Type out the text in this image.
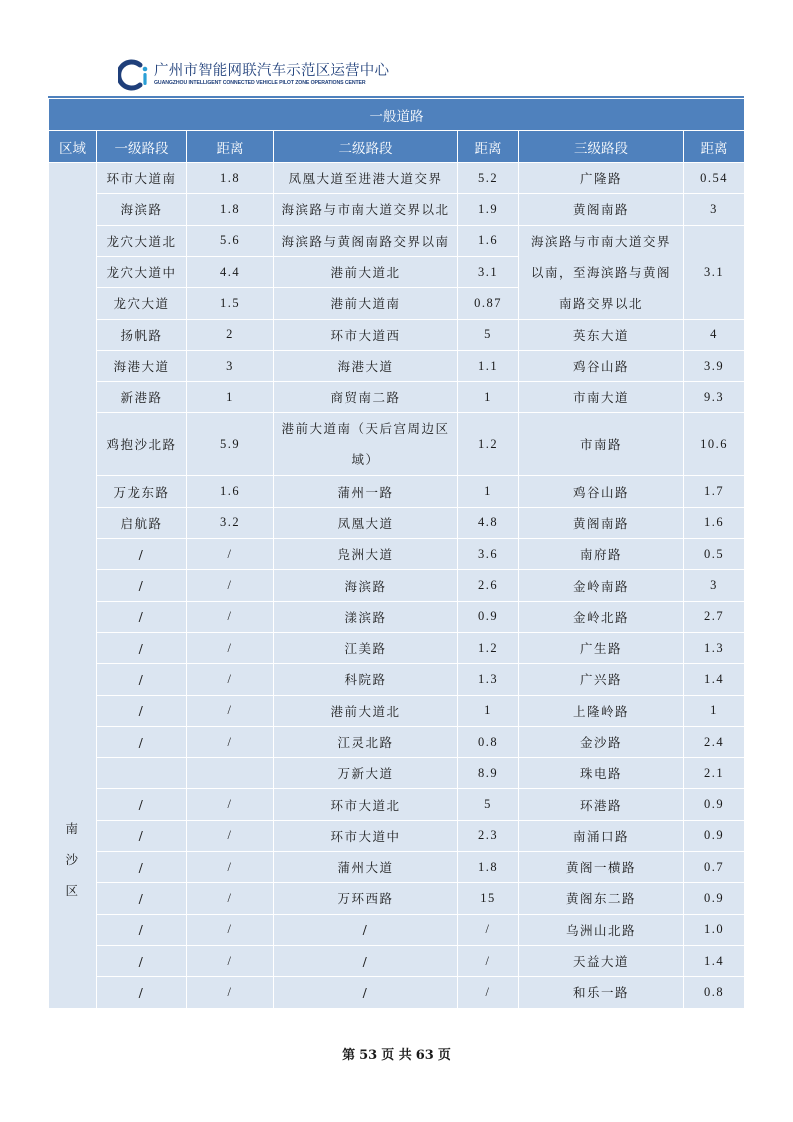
广州市智能网联汽车示范区运营中心
GUANGZHOU INTELLIGENT CONNECTED VEHICLE PILOT ZONE OPERATIONS CENTER
一般道路						
区域	一级路段	距离	二级路段	距离	三级路段	距离

南
沙
区	环市大道南	1.8	凤凰大道至进港大道交界	5.2	广隆路	0.54
	海滨路	1.8	海滨路与市南大道交界以北	1.9	黄阁南路	3
	龙穴大道北	5.6	海滨路与黄阁南路交界以南	1.6	海滨路与市南大道交界以南，至海滨路与黄阁南路交界以北	3.1
	龙穴大道中	4.4	港前大道北	3.1		
	龙穴大道	1.5	港前大道南	0.87		
	扬帆路	2	环市大道西	5	英东大道	4
	海港大道	3	海港大道	1.1	鸡谷山路	3.9
	新港路	1	商贸南二路	1	市南大道	9.3
	鸡抱沙北路	5.9	港前大道南（天后宫周边区域）	1.2	市南路	10.6
	万龙东路	1.6	蒲州一路	1	鸡谷山路	1.7
	启航路	3.2	凤凰大道	4.8	黄阁南路	1.6
	/	/	凫洲大道	3.6	南府路	0.5
	/	/	海滨路	2.6	金岭南路	3
	/	/	漾滨路	0.9	金岭北路	2.7
	/	/	江美路	1.2	广生路	1.3
	/	/	科院路	1.3	广兴路	1.4
	/	/	港前大道北	1	上隆岭路	1
	/	/	江灵北路	0.8	金沙路	2.4
			万新大道	8.9	珠电路	2.1
	/	/	环市大道北	5	环港路	0.9
	/	/	环市大道中	2.3	南涌口路	0.9
	/	/	蒲州大道	1.8	黄阁一横路	0.7
	/	/	万环西路	15	黄阁东二路	0.9
	/	/	/	/	乌洲山北路	1.0
	/	/	/	/	天益大道	1.4
	/	/	/	/	和乐一路	0.8
第 53 页 共 63 页
